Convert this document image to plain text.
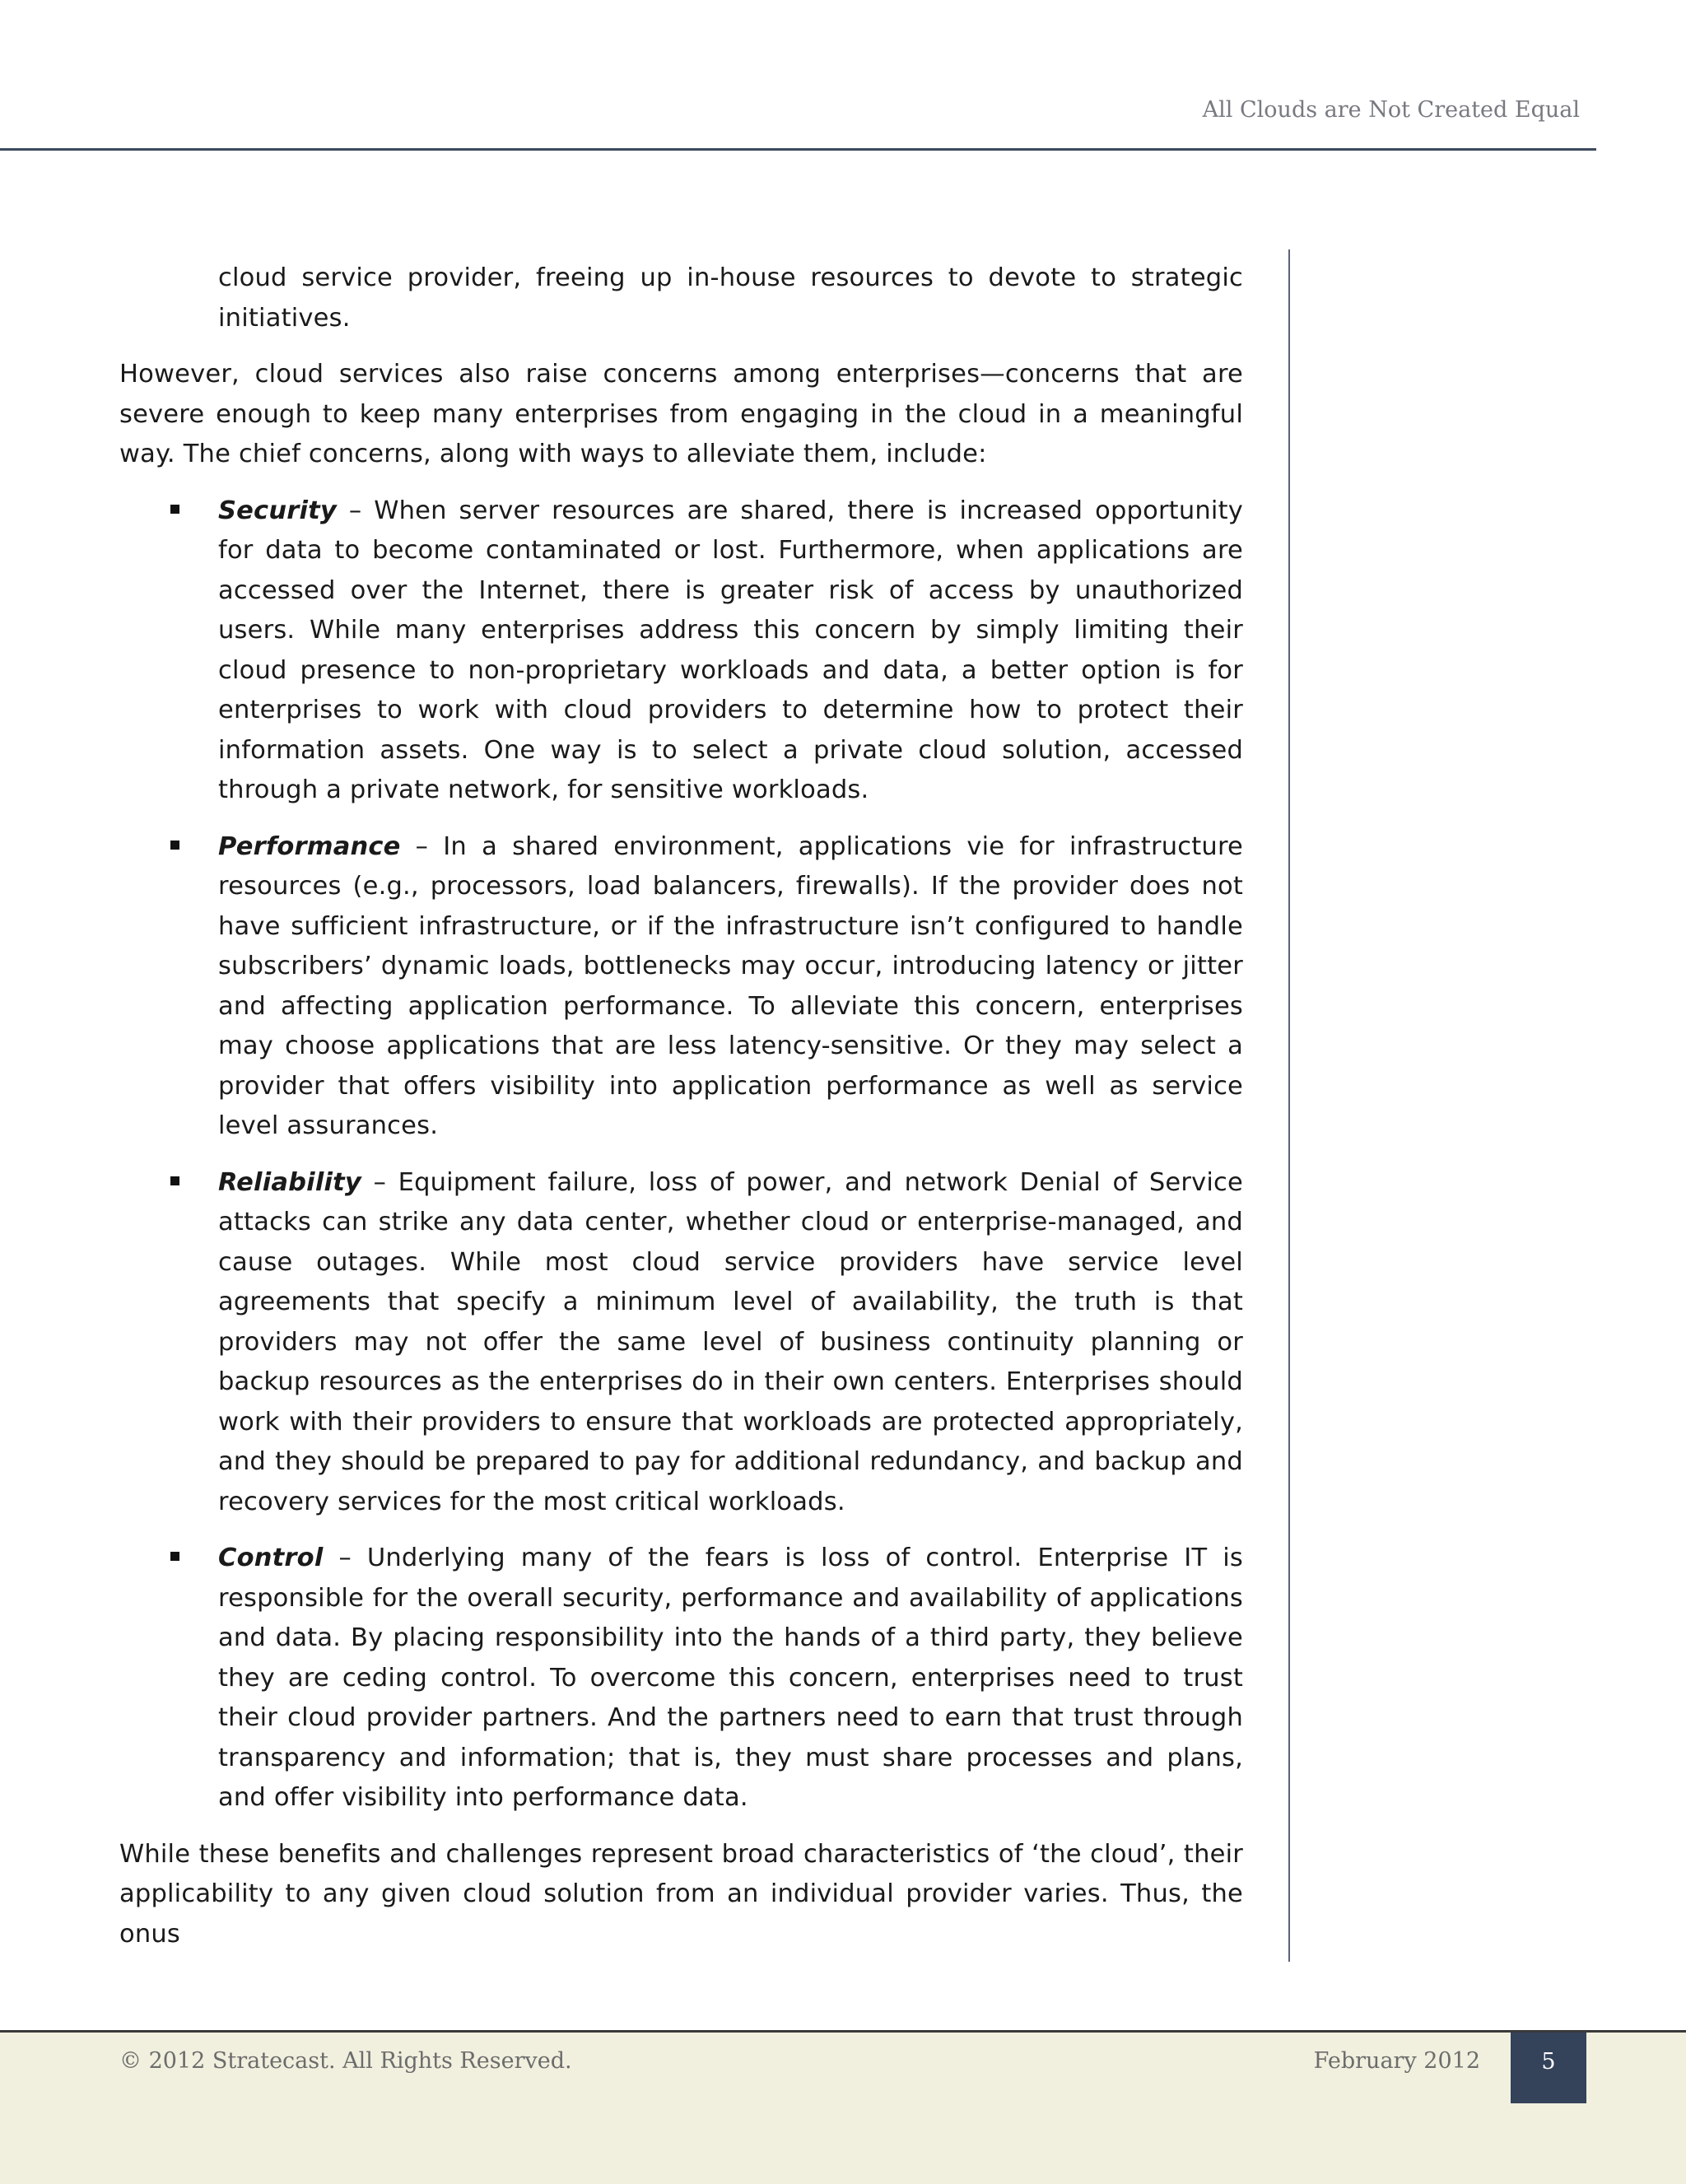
All Clouds are Not Created Equal

cloud service provider, freeing up in-house resources to devote to strategic initiatives.

However, cloud services also raise concerns among enterprises—concerns that are severe enough to keep many enterprises from engaging in the cloud in a meaningful way. The chief concerns, along with ways to alleviate them, include:

Security – When server resources are shared, there is increased opportunity for data to become contaminated or lost. Furthermore, when applications are accessed over the Internet, there is greater risk of access by unauthorized users. While many enterprises address this concern by simply limiting their cloud presence to non-proprietary workloads and data, a better option is for enterprises to work with cloud providers to determine how to protect their information assets. One way is to select a private cloud solution, accessed through a private network, for sensitive workloads.
Performance – In a shared environment, applications vie for infrastructure resources (e.g., processors, load balancers, firewalls). If the provider does not have sufficient infrastructure, or if the infrastructure isn’t configured to handle subscribers’ dynamic loads, bottlenecks may occur, introducing latency or jitter and affecting application performance. To alleviate this concern, enterprises may choose applications that are less latency-sensitive. Or they may select a provider that offers visibility into application performance as well as service level assurances.
Reliability – Equipment failure, loss of power, and network Denial of Service attacks can strike any data center, whether cloud or enterprise-managed, and cause outages. While most cloud service providers have service level agreements that specify a minimum level of availability, the truth is that providers may not offer the same level of business continuity planning or backup resources as the enterprises do in their own centers. Enterprises should work with their providers to ensure that workloads are protected appropriately, and they should be prepared to pay for additional redundancy, and backup and recovery services for the most critical workloads.
Control – Underlying many of the fears is loss of control. Enterprise IT is responsible for the overall security, performance and availability of applications and data. By placing responsibility into the hands of a third party, they believe they are ceding control. To overcome this concern, enterprises need to trust their cloud provider partners. And the partners need to earn that trust through transparency and information; that is, they must share processes and plans, and offer visibility into performance data.

While these benefits and challenges represent broad characteristics of ‘the cloud’, their applicability to any given cloud solution from an individual provider varies. Thus, the onus

© 2012 Stratecast. All Rights Reserved.	February 2012	5
